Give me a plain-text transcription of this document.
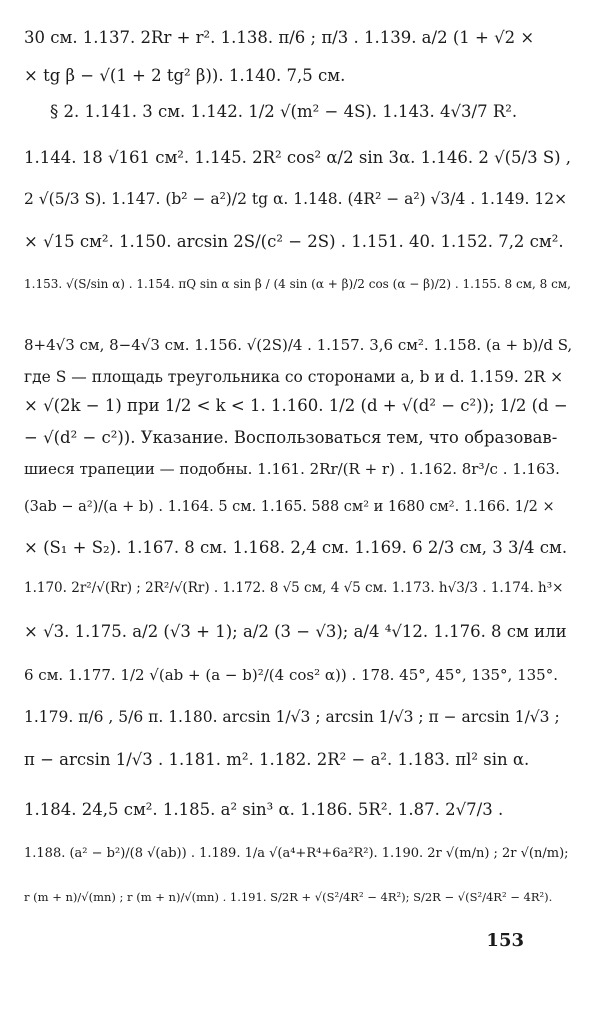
30 см. 1.137. 2Rr + r². 1.138. π/6 ; π/3 . 1.139. a/2 (1 + √2 ×
× tg β − √(1 + 2 tg² β)). 1.140. 7,5 см.
§ 2. 1.141. 3 см. 1.142. 1/2 √(m² − 4S). 1.143. 4√3/7 R².
1.144. 18 √161 см². 1.145. 2R² cos² α/2 sin 3α. 1.146. 2 √(5/3 S) ,
2 √(5/3 S). 1.147. (b² − a²)/2 tg α. 1.148. (4R² − a²) √3/4 . 1.149. 12×
× √15 см². 1.150. arcsin 2S/(c² − 2S) . 1.151. 40. 1.152. 7,2 см².
1.153. √(S/sin α) . 1.154. πQ sin α sin β / (4 sin (α + β)/2 cos (α − β)/2) . 1.155. 8 см, 8 см,
8+4√3 см, 8−4√3 см. 1.156. √(2S)/4 . 1.157. 3,6 см². 1.158. (a + b)/d S,
где S — площадь треугольника со сторонами a, b и d. 1.159. 2R ×
× √(2k − 1) при 1/2 < k < 1. 1.160. 1/2 (d + √(d² − c²)); 1/2 (d −
− √(d² − c²)). Указание. Воспользоваться тем, что образовав-
шиеся трапеции — подобны. 1.161. 2Rr/(R + r) . 1.162. 8r³/c . 1.163.
(3ab − a²)/(a + b) . 1.164. 5 см. 1.165. 588 см² и 1680 см². 1.166. 1/2 ×
× (S₁ + S₂). 1.167. 8 см. 1.168. 2,4 см. 1.169. 6 2/3 см, 3 3/4 см.
1.170. 2r²/√(Rr) ; 2R²/√(Rr) . 1.172. 8 √5 см, 4 √5 см. 1.173. h√3/3 . 1.174. h³×
× √3. 1.175. a/2 (√3 + 1); a/2 (3 − √3); a/4 ⁴√12. 1.176. 8 см или
6 см. 1.177. 1/2 √(ab + (a − b)²/(4 cos² α)) . 178. 45°, 45°, 135°, 135°.
1.179. π/6 , 5/6 π. 1.180. arcsin 1/√3 ; arcsin 1/√3 ; π − arcsin 1/√3 ;
π − arcsin 1/√3 . 1.181. m². 1.182. 2R² − a². 1.183. πl² sin α.
1.184. 24,5 см². 1.185. a² sin³ α. 1.186. 5R². 1.87. 2√7/3 .
1.188. (a² − b²)/(8 √(ab)) . 1.189. 1/a √(a⁴+R⁴+6a²R²). 1.190. 2r √(m/n) ; 2r √(n/m);
r (m + n)/√(mn) ; r (m + n)/√(mn) . 1.191. S/2R + √(S²/4R² − 4R²); S/2R − √(S²/4R² − 4R²).
153
